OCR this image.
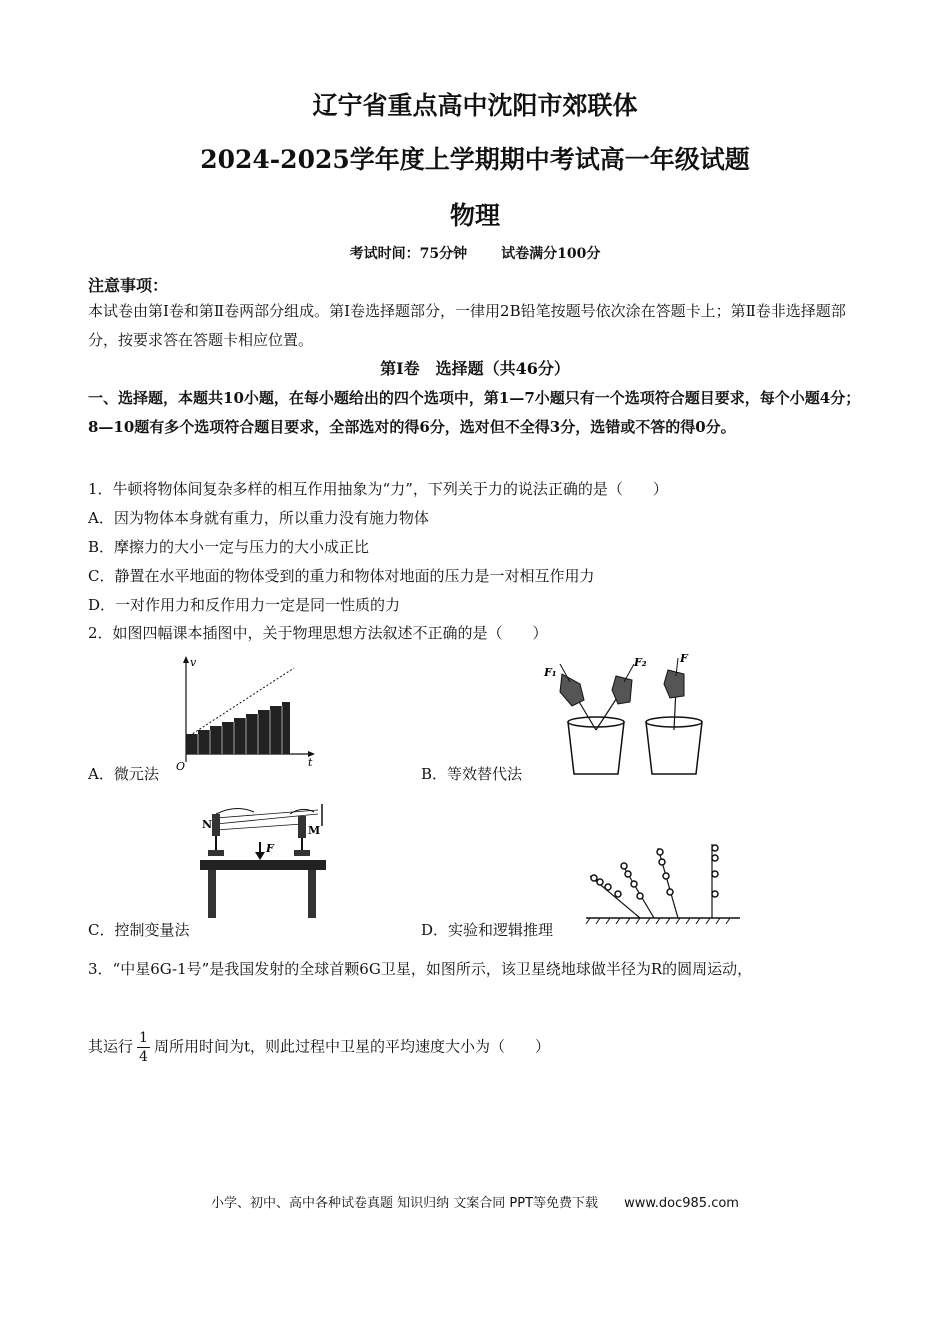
辽宁省重点高中沈阳市郊联体
2024-2025学年度上学期期中考试高一年级试题
物理
考试时间：75分钟 试卷满分100分
注意事项：
本试卷由第Ⅰ卷和第Ⅱ卷两部分组成。第Ⅰ卷选择题部分，一律用2B铅笔按题号依次涂在答题卡上；第Ⅱ卷非选择题部分，按要求答在答题卡相应位置。
第Ⅰ卷　选择题（共46分）
一、选择题，本题共10小题，在每小题给出的四个选项中，第1—7小题只有一个选项符合题目要求，每个小题4分；8—10题有多个选项符合题目要求，全部选对的得6分，选对但不全得3分，选错或不答的得0分。
1．牛顿将物体间复杂多样的相互作用抽象为“力”，下列关于力的说法正确的是（　　）
A．因为物体本身就有重力，所以重力没有施力物体
B．摩擦力的大小一定与压力的大小成正比
C．静置在水平地面的物体受到的重力和物体对地面的压力是一对相互作用力
D．一对作用力和反作用力一定是同一性质的力
2．如图四幅课本插图中，关于物理思想方法叙述不正确的是（　　）
v
t
O
A．微元法
F₁
F₂	F
B．等效替代法
N	M
F
C．控制变量法	D．实验和逻辑推理
3．“中星6G-1号”是我国发射的全球首颗6G卫星，如图所示，该卫星绕地球做半径为R的圆周运动，
其运行 $\frac{1}{4}$ 周所用时间为t，则此过程中卫星的平均速度大小为（　　）
小学、初中、高中各种试卷真题 知识归纳 文案合同 PPT等免费下载 www.doc985.com
